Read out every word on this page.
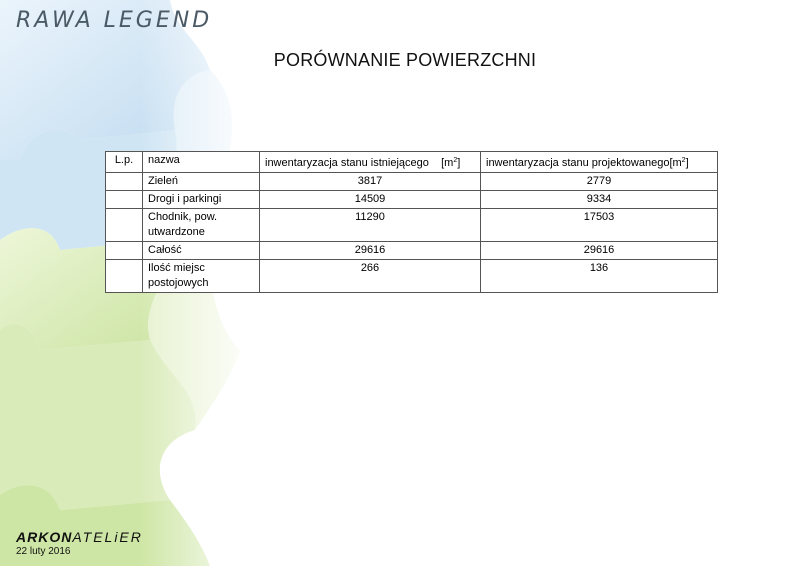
RAWA LEGEND
PORÓWNANIE POWIERZCHNI
L.p.	nazwa	inwentaryzacja stanu istniejącego $[m^2]$	inwentaryzacja stanu $projektowanego[m^2]$
	Zieleń	3817	2779
	Drogi i parkingi	14509	9334
	Chodnik, pow. utwardzone	11290	17503
	Całość	29616	29616
	Ilość miejsc postojowych	266	136
ARKONATELiER
22 luty 2016
